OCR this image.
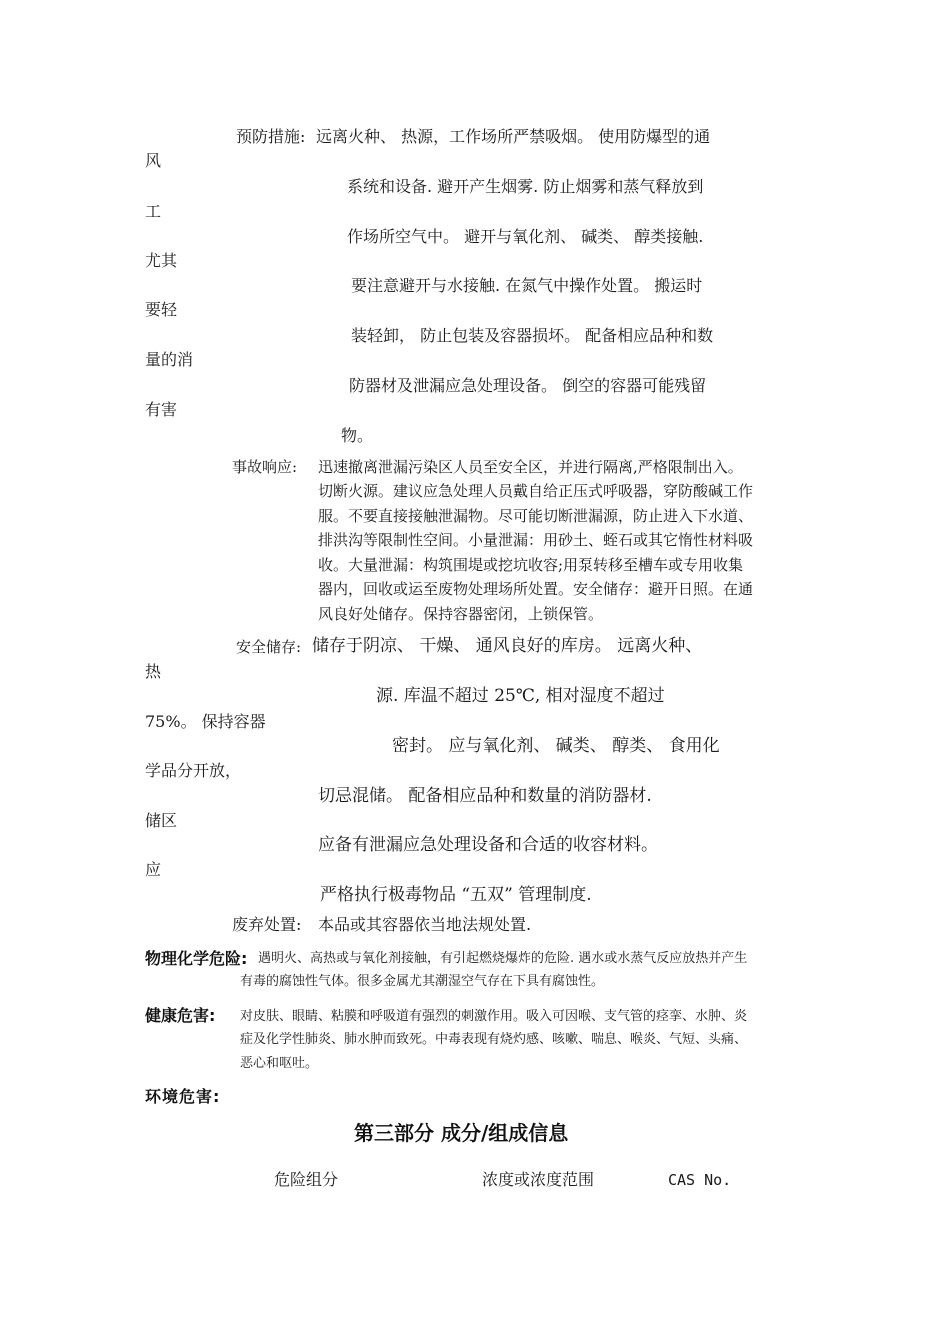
预防措施: 远离火种、 热源，工作场所严禁吸烟。 使用防爆型的通
风
系统和设备. 避开产生烟雾. 防止烟雾和蒸气释放到
工
作场所空气中。 避开与氧化剂、 碱类、 醇类接触.
尤其
要注意避开与水接触. 在氮气中操作处置。 搬运时
要轻
装轻卸， 防止包装及容器损坏。 配备相应品种和数
量的消
防器材及泄漏应急处理设备。 倒空的容器可能残留
有害
物。
事故响应: 迅速撤离泄漏污染区人员至安全区，并进行隔离,严格限制出入。
切断火源。建议应急处理人员戴自给正压式呼吸器，穿防酸碱工作
服。不要直接接触泄漏物。尽可能切断泄漏源，防止进入下水道、
排洪沟等限制性空间。小量泄漏：用砂土、蛭石或其它惰性材料吸
收。大量泄漏：构筑围堤或挖坑收容;用泵转移至槽车或专用收集
器内，回收或运至废物处理场所处置。安全储存：避开日照。在通
风良好处储存。保持容器密闭，上锁保管。
安全储存: 储存于阴凉、 干燥、 通风良好的库房。 远离火种、
热
源. 库温不超过 25℃, 相对湿度不超过
75%。 保持容器
密封。 应与氧化剂、 碱类、 醇类、 食用化
学品分开放，
切忌混储。 配备相应品种和数量的消防器材.
储区
应备有泄漏应急处理设备和合适的收容材料。
应
严格执行极毒物品 “五双” 管理制度.
废弃处置: 本品或其容器依当地法规处置.
物理化学危险: 遇明火、高热或与氧化剂接触，有引起燃烧爆炸的危险. 遇水或水蒸气反应放热并产生
有毒的腐蚀性气体。很多金属尤其潮湿空气存在下具有腐蚀性。
健康危害: 对皮肤、眼睛、粘膜和呼吸道有强烈的刺激作用。吸入可因喉、支气管的痉挛、水肿、炎
症及化学性肺炎、肺水肿而致死。中毒表现有烧灼感、咳嗽、喘息、喉炎、气短、头痛、
恶心和呕吐。
环境危害:
第三部分 成分/组成信息
危险组分	浓度或浓度范围	CAS No.
